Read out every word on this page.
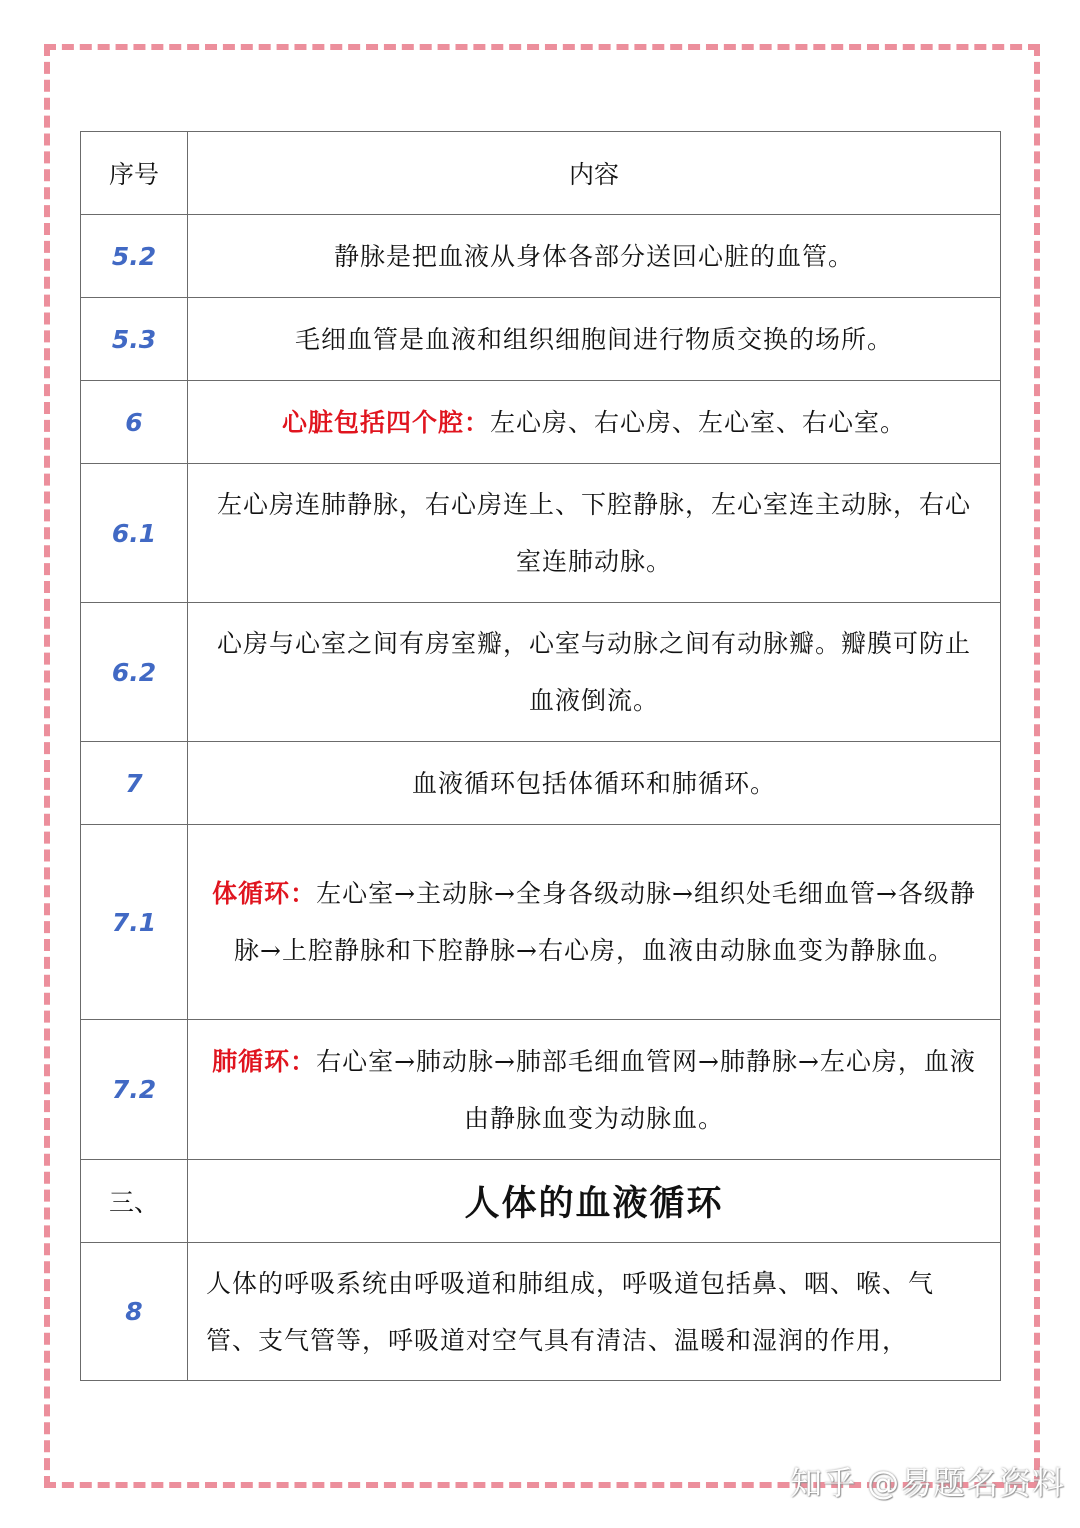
序号	内容
5.2	静脉是把血液从身体各部分送回心脏的血管。
5.3	毛细血管是血液和组织细胞间进行物质交换的场所。
6	心脏包括四个腔：左心房、右心房、左心室、右心室。
6.1	左心房连肺静脉，右心房连上、下腔静脉，左心室连主动脉，右心室连肺动脉。
6.2	心房与心室之间有房室瓣，心室与动脉之间有动脉瓣。瓣膜可防止血液倒流。
7	血液循环包括体循环和肺循环。
7.1	体循环：左心室→主动脉→全身各级动脉→组织处毛细血管→各级静脉→上腔静脉和下腔静脉→右心房，血液由动脉血变为静脉血。
7.2	肺循环：右心室→肺动脉→肺部毛细血管网→肺静脉→左心房，血液由静脉血变为动脉血。
三、	人体的血液循环
8	人体的呼吸系统由呼吸道和肺组成，呼吸道包括鼻、咽、喉、气管、支气管等，呼吸道对空气具有清洁、温暖和湿润的作用，
知乎 @易题名资料
